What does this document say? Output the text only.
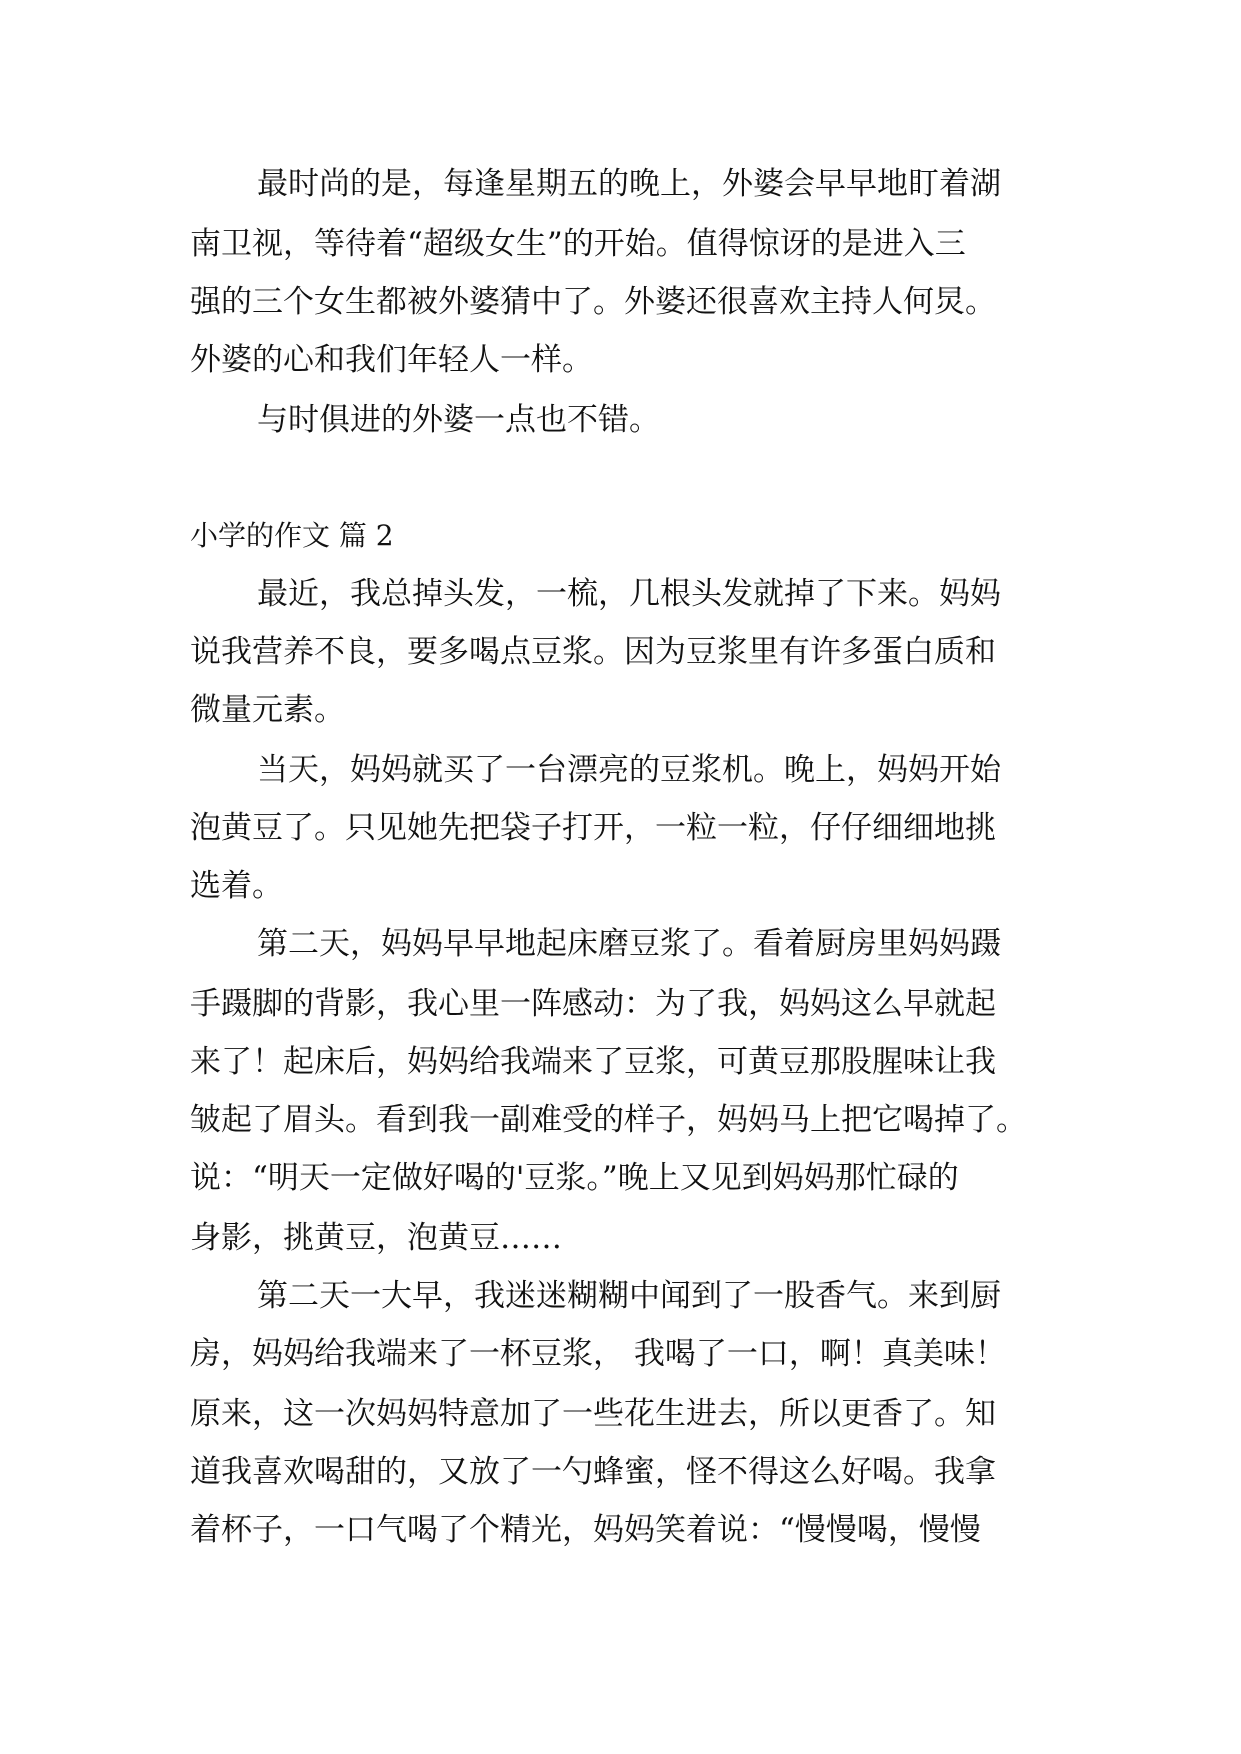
最时尚的是，每逢星期五的晚上，外婆会早早地盯着湖
南卫视，等待着“超级女生”的开始。值得惊讶的是进入三
强的三个女生都被外婆猜中了。外婆还很喜欢主持人何炅。
外婆的心和我们年轻人一样。
与时俱进的外婆一点也不错。
小学的作文 篇 2
最近，我总掉头发，一梳，几根头发就掉了下来。妈妈
说我营养不良，要多喝点豆浆。因为豆浆里有许多蛋白质和
微量元素。
当天，妈妈就买了一台漂亮的豆浆机。晚上，妈妈开始
泡黄豆了。只见她先把袋子打开，一粒一粒，仔仔细细地挑
选着。
第二天，妈妈早早地起床磨豆浆了。看着厨房里妈妈蹑
手蹑脚的背影，我心里一阵感动：为了我，妈妈这么早就起
来了！起床后，妈妈给我端来了豆浆，可黄豆那股腥味让我
皱起了眉头。看到我一副难受的样子，妈妈马上把它喝掉了。
说：“明天一定做好喝的'豆浆。”晚上又见到妈妈那忙碌的
身影，挑黄豆，泡黄豆……
第二天一大早，我迷迷糊糊中闻到了一股香气。来到厨
房，妈妈给我端来了一杯豆浆， 我喝了一口，啊！真美味！
原来，这一次妈妈特意加了一些花生进去，所以更香了。知
道我喜欢喝甜的，又放了一勺蜂蜜，怪不得这么好喝。我拿
着杯子，一口气喝了个精光，妈妈笑着说：“慢慢喝，慢慢
